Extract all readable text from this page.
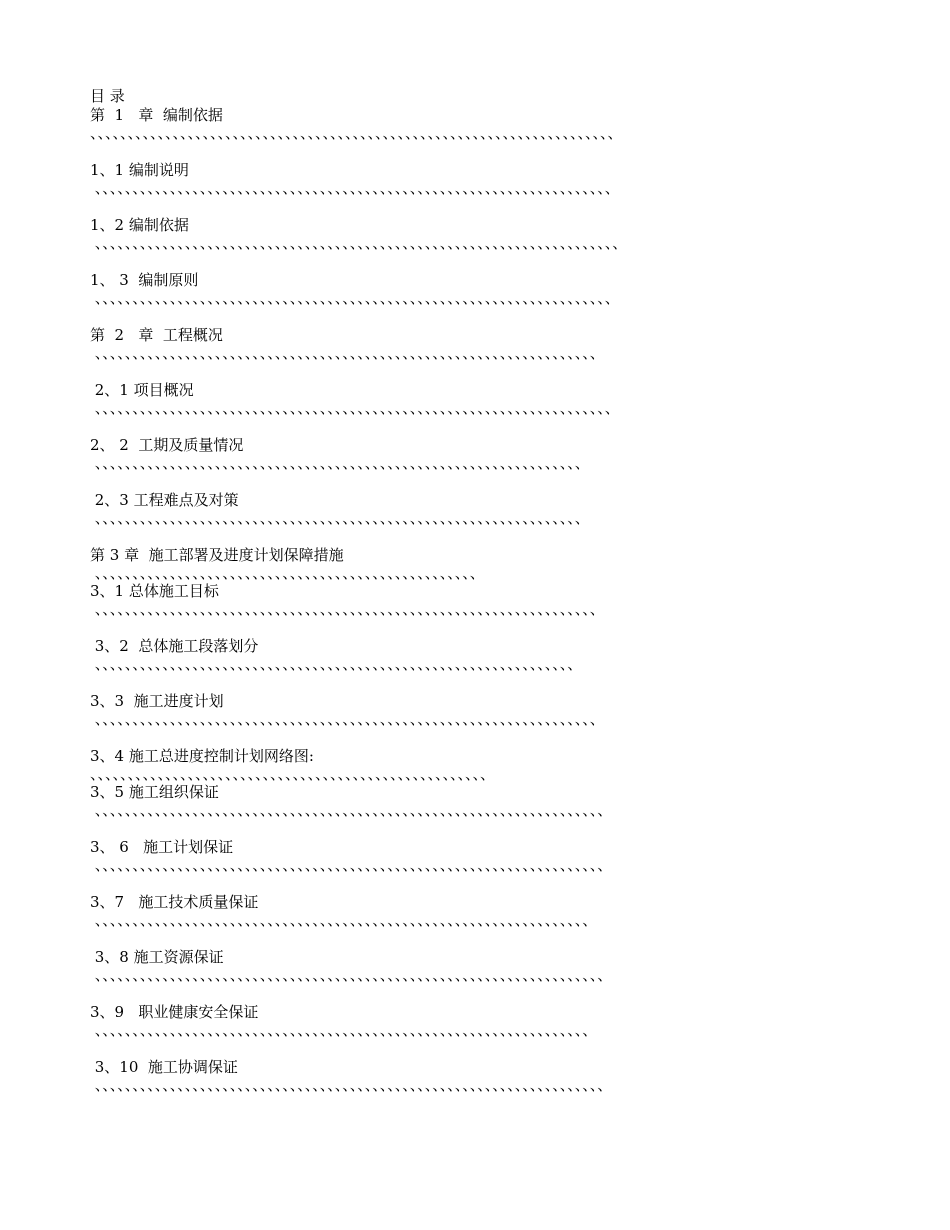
目 录
第  1   章  编制依据
、、、、、、、、、、、、、、、、、、、、、、、、、、、、、、、、、、、、、、、、、、、、、、、、、、、、、、、、、、、、、、、、、、、、、、
1、1 编制说明
、、、、、、、、、、、、、、、、、、、、、、、、、、、、、、、、、、、、、、、、、、、、、、、、、、、、、、、、、、、、、、、、、、、、、
1、2 编制依据
、、、、、、、、、、、、、、、、、、、、、、、、、、、、、、、、、、、、、、、、、、、、、、、、、、、、、、、、、、、、、、、、、、、、、、
1、 3  编制原则
、、、、、、、、、、、、、、、、、、、、、、、、、、、、、、、、、、、、、、、、、、、、、、、、、、、、、、、、、、、、、、、、、、、、、
第  2   章  工程概况
、、、、、、、、、、、、、、、、、、、、、、、、、、、、、、、、、、、、、、、、、、、、、、、、、、、、、、、、、、、、、、、、、、、
2、1 项目概况
、、、、、、、、、、、、、、、、、、、、、、、、、、、、、、、、、、、、、、、、、、、、、、、、、、、、、、、、、、、、、、、、、、、、、
2、 2  工期及质量情况
、、、、、、、、、、、、、、、、、、、、、、、、、、、、、、、、、、、、、、、、、、、、、、、、、、、、、、、、、、、、、、、、、
2、3 工程难点及对策
、、、、、、、、、、、、、、、、、、、、、、、、、、、、、、、、、、、、、、、、、、、、、、、、、、、、、、、、、、、、、、、、、
第 3 章  施工部署及进度计划保障措施
、、、、、、、、、、、、、、、、、、、、、、、、、、、、、、、、、、、、、、、、、、、、、、、、、、、
3、1 总体施工目标
、、、、、、、、、、、、、、、、、、、、、、、、、、、、、、、、、、、、、、、、、、、、、、、、、、、、、、、、、、、、、、、、、、、
3、2  总体施工段落划分
、、、、、、、、、、、、、、、、、、、、、、、、、、、、、、、、、、、、、、、、、、、、、、、、、、、、、、、、、、、、、、、、
3、3  施工进度计划
、、、、、、、、、、、、、、、、、、、、、、、、、、、、、、、、、、、、、、、、、、、、、、、、、、、、、、、、、、、、、、、、、、、
3、4 施工总进度控制计划网络图:
、、、、、、、、、、、、、、、、、、、、、、、、、、、、、、、、、、、、、、、、、、、、、、、、、、、、、
3、5 施工组织保证
、、、、、、、、、、、、、、、、、、、、、、、、、、、、、、、、、、、、、、、、、、、、、、、、、、、、、、、、、、、、、、、、、、、、
3、 6   施工计划保证
、、、、、、、、、、、、、、、、、、、、、、、、、、、、、、、、、、、、、、、、、、、、、、、、、、、、、、、、、、、、、、、、、、、、
3、7   施工技术质量保证
、、、、、、、、、、、、、、、、、、、、、、、、、、、、、、、、、、、、、、、、、、、、、、、、、、、、、、、、、、、、、、、、、、
3、8 施工资源保证
、、、、、、、、、、、、、、、、、、、、、、、、、、、、、、、、、、、、、、、、、、、、、、、、、、、、、、、、、、、、、、、、、、、、
3、9   职业健康安全保证
、、、、、、、、、、、、、、、、、、、、、、、、、、、、、、、、、、、、、、、、、、、、、、、、、、、、、、、、、、、、、、、、、、
3、10  施工协调保证
、、、、、、、、、、、、、、、、、、、、、、、、、、、、、、、、、、、、、、、、、、、、、、、、、、、、、、、、、、、、、、、、、、、、
